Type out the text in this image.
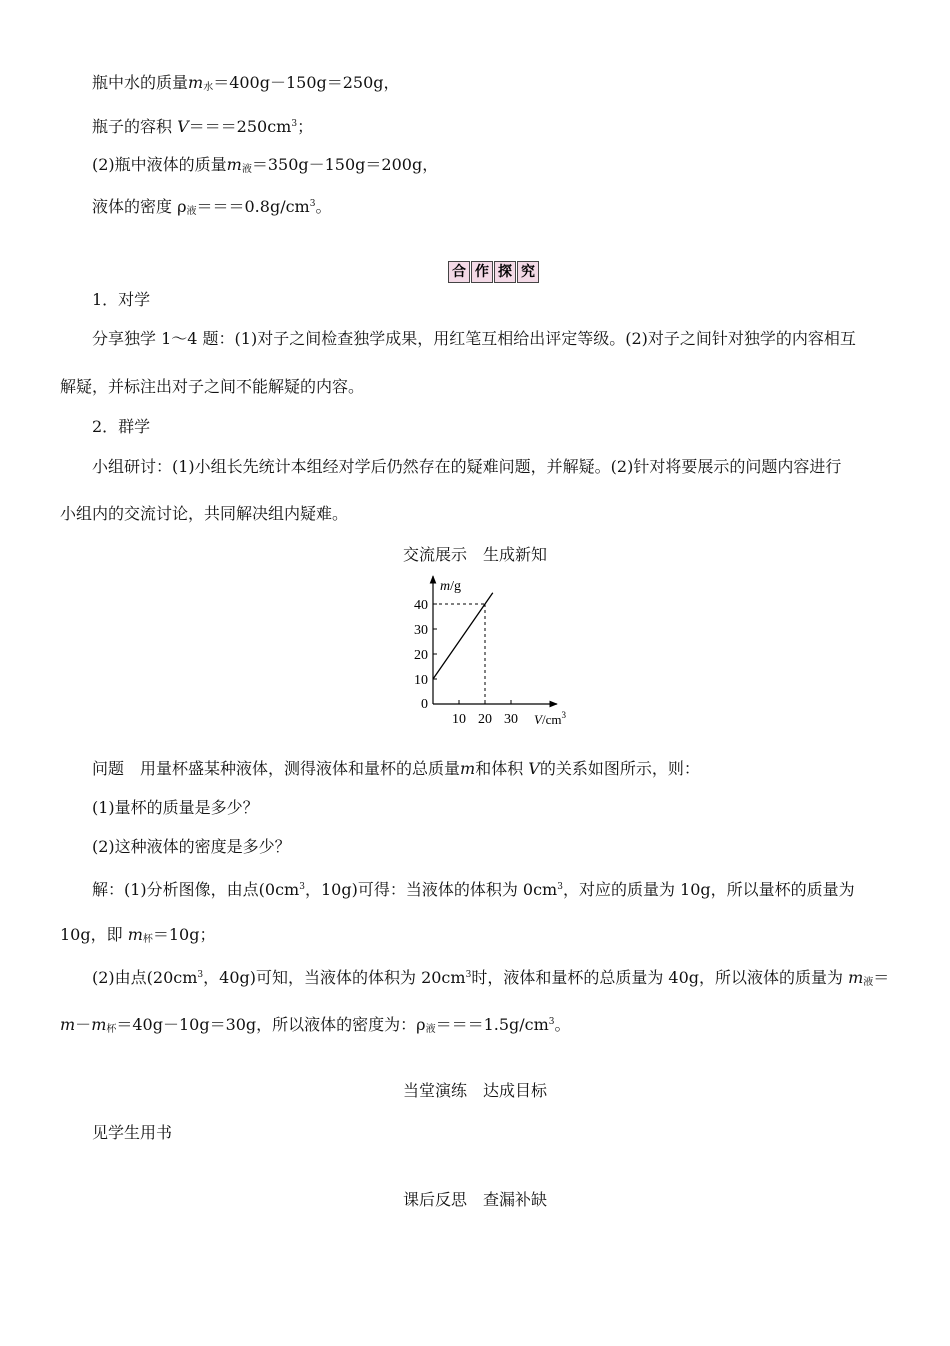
瓶中水的质量$m_水=400g-150g=250g$，
瓶子的容积 $V===250cm^3$；
(2)瓶中液体的质量$m_液=350g-150g=200g$，
液体的密度 $\rho_液===0.8g/cm^3$。
合 作 探 究
1．对学
分享独学 1～4 题：(1)对子之间检查独学成果，用红笔互相给出评定等级。(2)对子之间针对独学的内容相互
解疑，并标注出对子之间不能解疑的内容。
2．群学
小组研讨：(1)小组长先统计本组经对学后仍然存在的疑难问题，并解疑。(2)针对将要展示的问题内容进行
小组内的交流讨论，共同解决组内疑难。
交流展示　生成新知
10 20 30
10
20
30
40
m/g
$V/cm^3$
0
问题　用量杯盛某种液体，测得液体和量杯的总质量m和体积 V的关系如图所示，则：
(1)量杯的质量是多少？
(2)这种液体的密度是多少？
解：(1)分析图像，由点($0cm^3$，10g)可得：当液体的体积为 $0cm^3$，对应的质量为 10g，所以量杯的质量为
10g，即 $m_杯=10g$；
(2)由点($20cm^3$，40g)可知，当液体的体积为 $20cm^3$时，液体和量杯的总质量为 40g，所以液体的质量为 $m_液=$
$m-m_杯=40g-10g=30g$，所以液体的密度为：$\rho_液===1.5g/cm^3$。
当堂演练　达成目标
见学生用书
课后反思　查漏补缺
